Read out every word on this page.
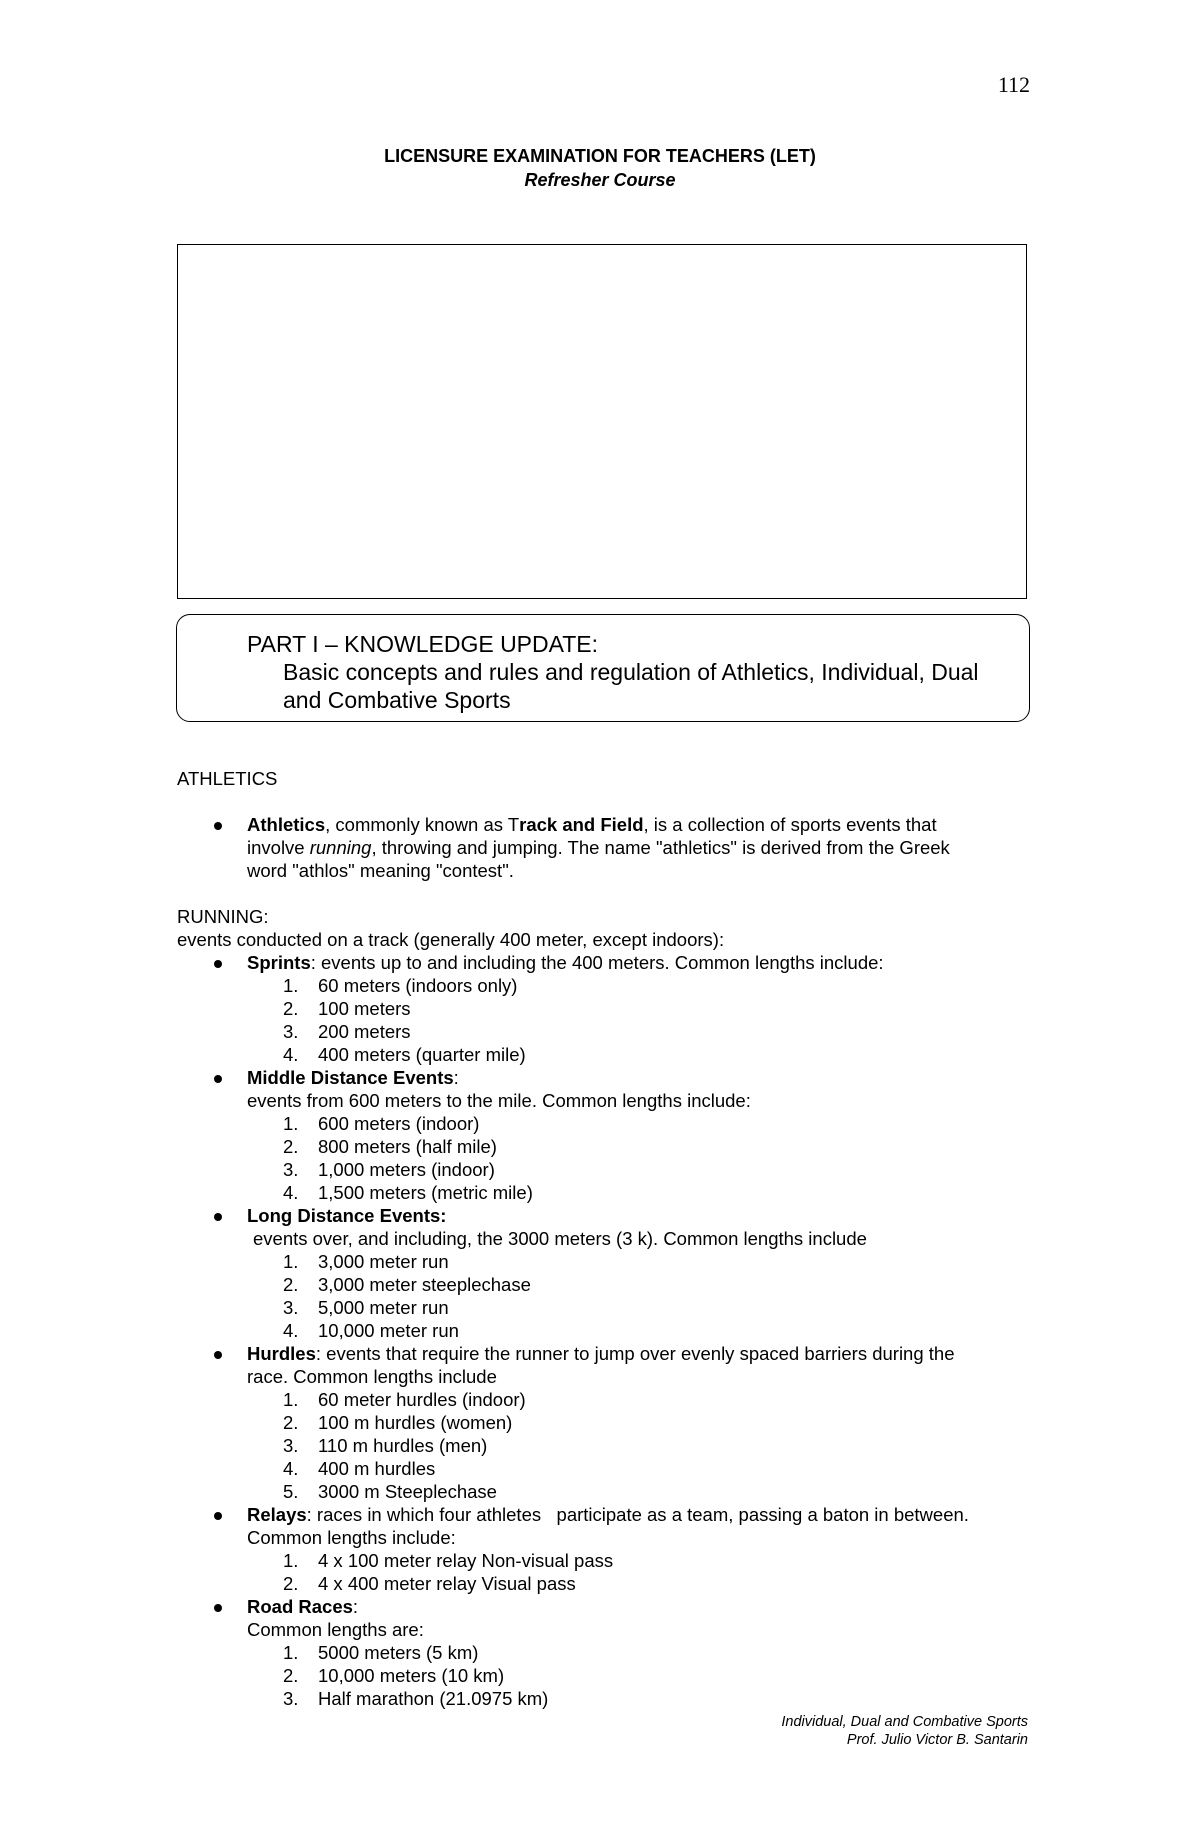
112
LICENSURE EXAMINATION FOR TEACHERS (LET)
Refresher Course
PART I – KNOWLEDGE UPDATE:
Basic concepts and rules and regulation of Athletics, Individual, Dual and Combative Sports
ATHLETICS
Athletics, commonly known as Track and Field, is a collection of sports events that
involve running, throwing and jumping. The name "athletics" is derived from the Greek
word "athlos" meaning "contest".
RUNNING:
events conducted on a track (generally 400 meter, except indoors):
Sprints: events up to and including the 400 meters. Common lengths include:
1. 60 meters (indoors only)
2. 100 meters
3. 200 meters
4. 400 meters (quarter mile)
Middle Distance Events:
events from 600 meters to the mile. Common lengths include:
1. 600 meters (indoor)
2. 800 meters (half mile)
3. 1,000 meters (indoor)
4. 1,500 meters (metric mile)
Long Distance Events:
events over, and including, the 3000 meters (3 k). Common lengths include
1. 3,000 meter run
2. 3,000 meter steeplechase
3. 5,000 meter run
4. 10,000 meter run
Hurdles: events that require the runner to jump over evenly spaced barriers during the
race. Common lengths include
1. 60 meter hurdles (indoor)
2. 100 m hurdles (women)
3. 110 m hurdles (men)
4. 400 m hurdles
5. 3000 m Steeplechase
Relays: races in which four athletes   participate as a team, passing a baton in between.
Common lengths include:
1. 4 x 100 meter relay Non-visual pass
2. 4 x 400 meter relay Visual pass
Road Races:
Common lengths are:
1. 5000 meters (5 km)
2. 10,000 meters (10 km)
3. Half marathon (21.0975 km)
Individual, Dual and Combative Sports
Prof. Julio Victor B. Santarin
